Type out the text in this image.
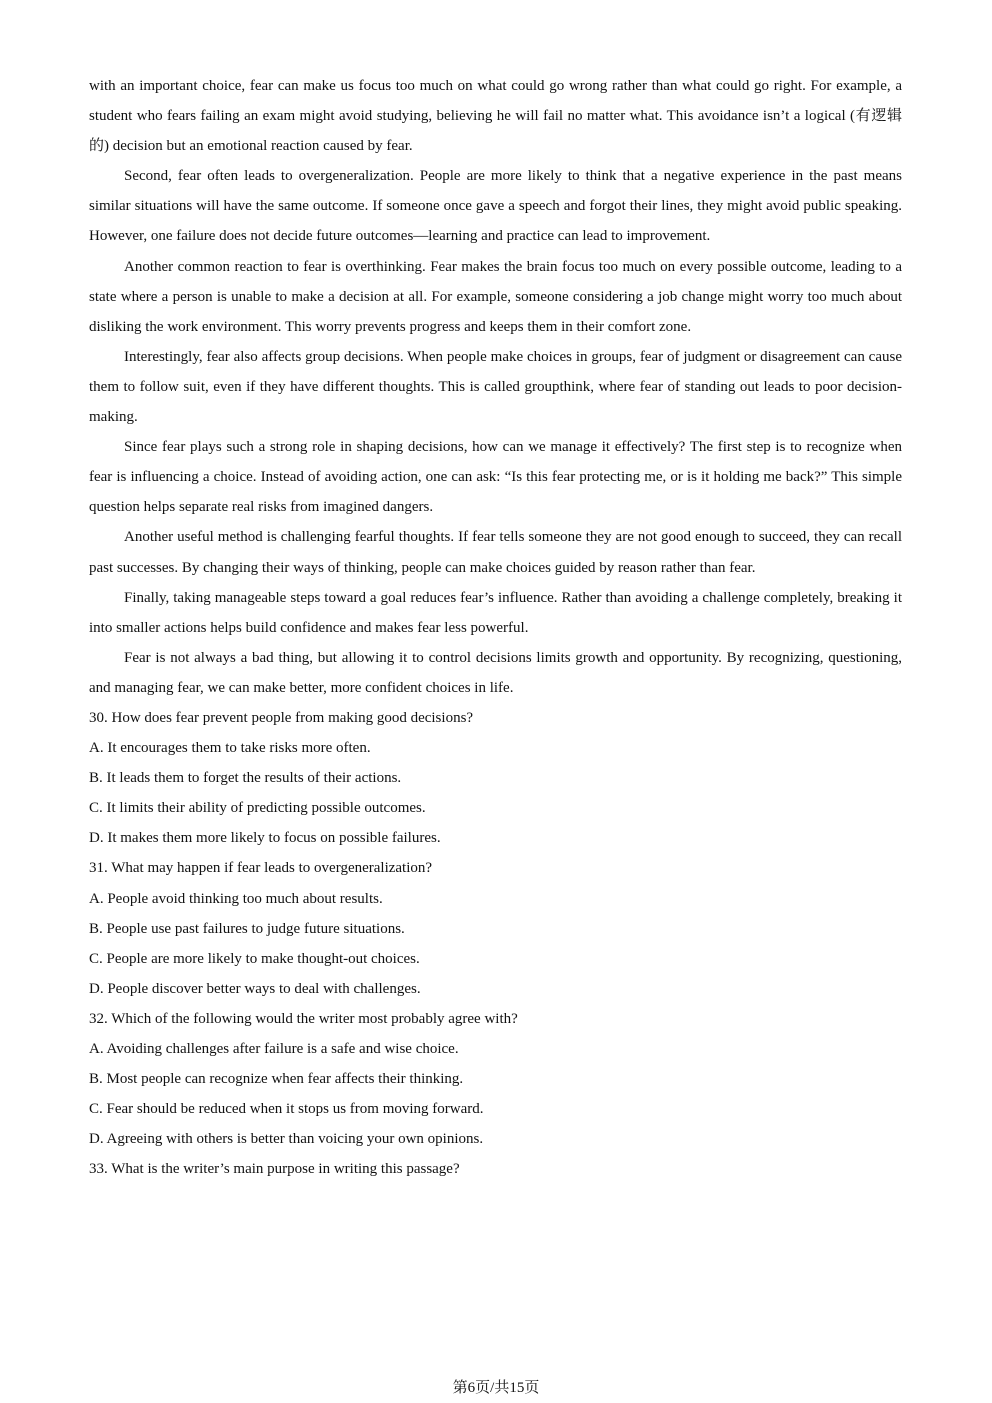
with an important choice, fear can make us focus too much on what could go wrong rather than what could go right. For example, a student who fears failing an exam might avoid studying, believing he will fail no matter what. This avoidance isn’t a logical (有逻辑的) decision but an emotional reaction caused by fear.

Second, fear often leads to overgeneralization. People are more likely to think that a negative experience in the past means similar situations will have the same outcome. If someone once gave a speech and forgot their lines, they might avoid public speaking. However, one failure does not decide future outcomes—learning and practice can lead to improvement.

Another common reaction to fear is overthinking. Fear makes the brain focus too much on every possible outcome, leading to a state where a person is unable to make a decision at all. For example, someone considering a job change might worry too much about disliking the work environment. This worry prevents progress and keeps them in their comfort zone.

Interestingly, fear also affects group decisions. When people make choices in groups, fear of judgment or disagreement can cause them to follow suit, even if they have different thoughts. This is called groupthink, where fear of standing out leads to poor decision-making.

Since fear plays such a strong role in shaping decisions, how can we manage it effectively? The first step is to recognize when fear is influencing a choice. Instead of avoiding action, one can ask: “Is this fear protecting me, or is it holding me back?” This simple question helps separate real risks from imagined dangers.

Another useful method is challenging fearful thoughts. If fear tells someone they are not good enough to succeed, they can recall past successes. By changing their ways of thinking, people can make choices guided by reason rather than fear.

Finally, taking manageable steps toward a goal reduces fear’s influence. Rather than avoiding a challenge completely, breaking it into smaller actions helps build confidence and makes fear less powerful.

Fear is not always a bad thing, but allowing it to control decisions limits growth and opportunity. By recognizing, questioning, and managing fear, we can make better, more confident choices in life.

30. How does fear prevent people from making good decisions?

A. It encourages them to take risks more often.

B. It leads them to forget the results of their actions.

C. It limits their ability of predicting possible outcomes.

D. It makes them more likely to focus on possible failures.

31. What may happen if fear leads to overgeneralization?

A. People avoid thinking too much about results.

B. People use past failures to judge future situations.

C. People are more likely to make thought-out choices.

D. People discover better ways to deal with challenges.

32. Which of the following would the writer most probably agree with?

A. Avoiding challenges after failure is a safe and wise choice.

B. Most people can recognize when fear affects their thinking.

C. Fear should be reduced when it stops us from moving forward.

D. Agreeing with others is better than voicing your own opinions.

33. What is the writer’s main purpose in writing this passage?

第6页/共15页
